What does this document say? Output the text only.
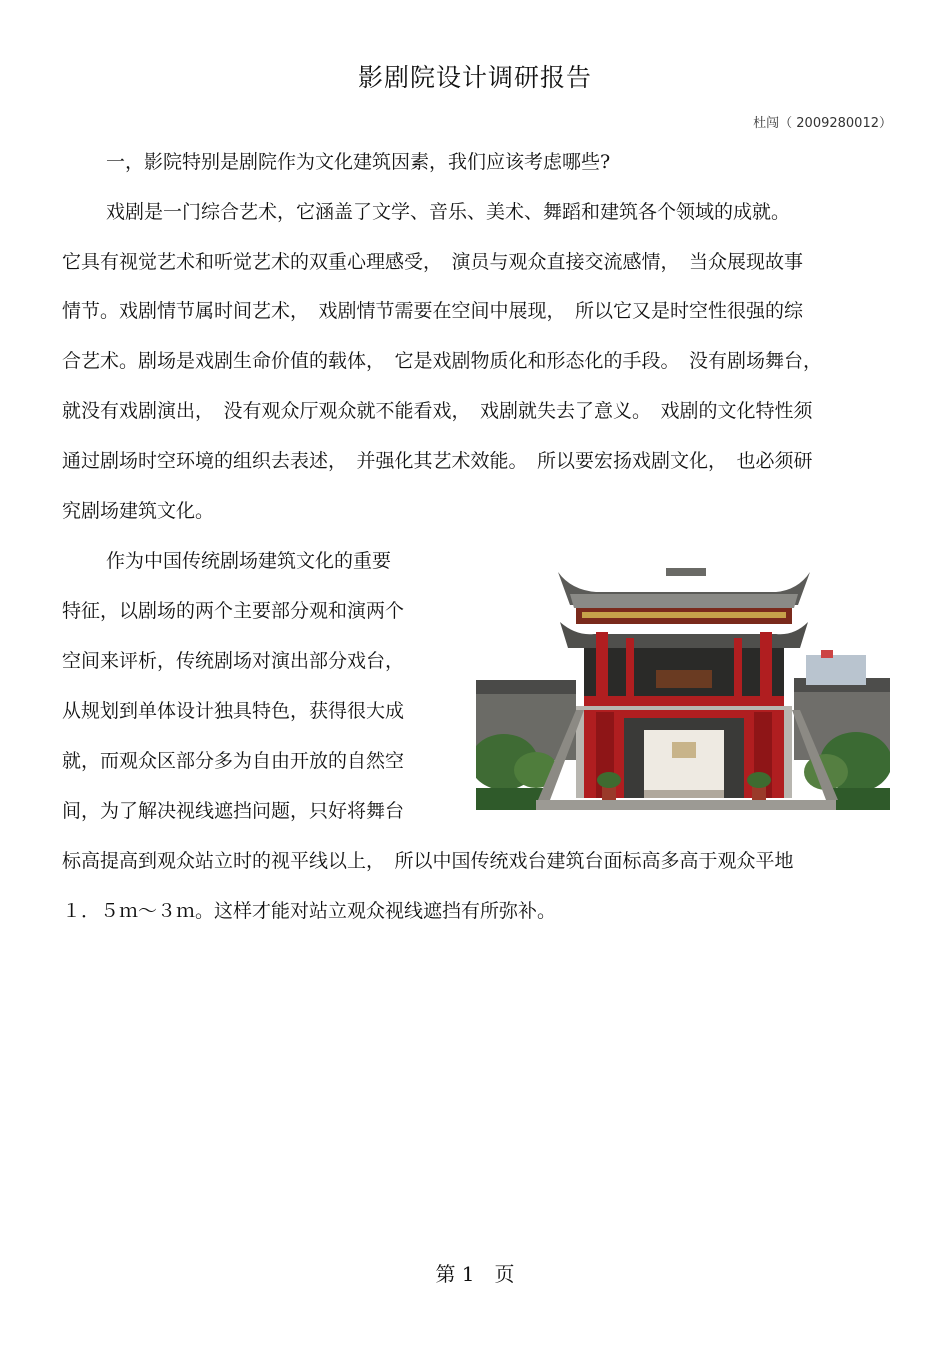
影剧院设计调研报告
杜闯（ 2009280012）
一，影院特别是剧院作为文化建筑因素，我们应该考虑哪些?
戏剧是一门综合艺术，它涵盖了文学、音乐、美术、舞蹈和建筑各个领域的成就。
它具有视觉艺术和听觉艺术的双重心理感受，　演员与观众直接交流感情，　当众展现故事
情节。戏剧情节属时间艺术，　戏剧情节需要在空间中展现，　所以它又是时空性很强的综
合艺术。剧场是戏剧生命价值的载体，　它是戏剧物质化和形态化的手段。　没有剧场舞台，
就没有戏剧演出，　没有观众厅观众就不能看戏，　戏剧就失去了意义。　戏剧的文化特性须
通过剧场时空环境的组织去表述，　并强化其艺术效能。　所以要宏扬戏剧文化，　也必须研
究剧场建筑文化。
作为中国传统剧场建筑文化的重要
特征，以剧场的两个主要部分观和演两个
空间来评析，传统剧场对演出部分戏台，
从规划到单体设计独具特色，获得很大成
就，而观众区部分多为自由开放的自然空
间，为了解决视线遮挡问题，只好将舞台
标高提高到观众站立时的视平线以上，　所以中国传统戏台建筑台面标高多高于观众平地
１．５ｍ～３ｍ。这样才能对站立观众视线遮挡有所弥补。
第 1　页
